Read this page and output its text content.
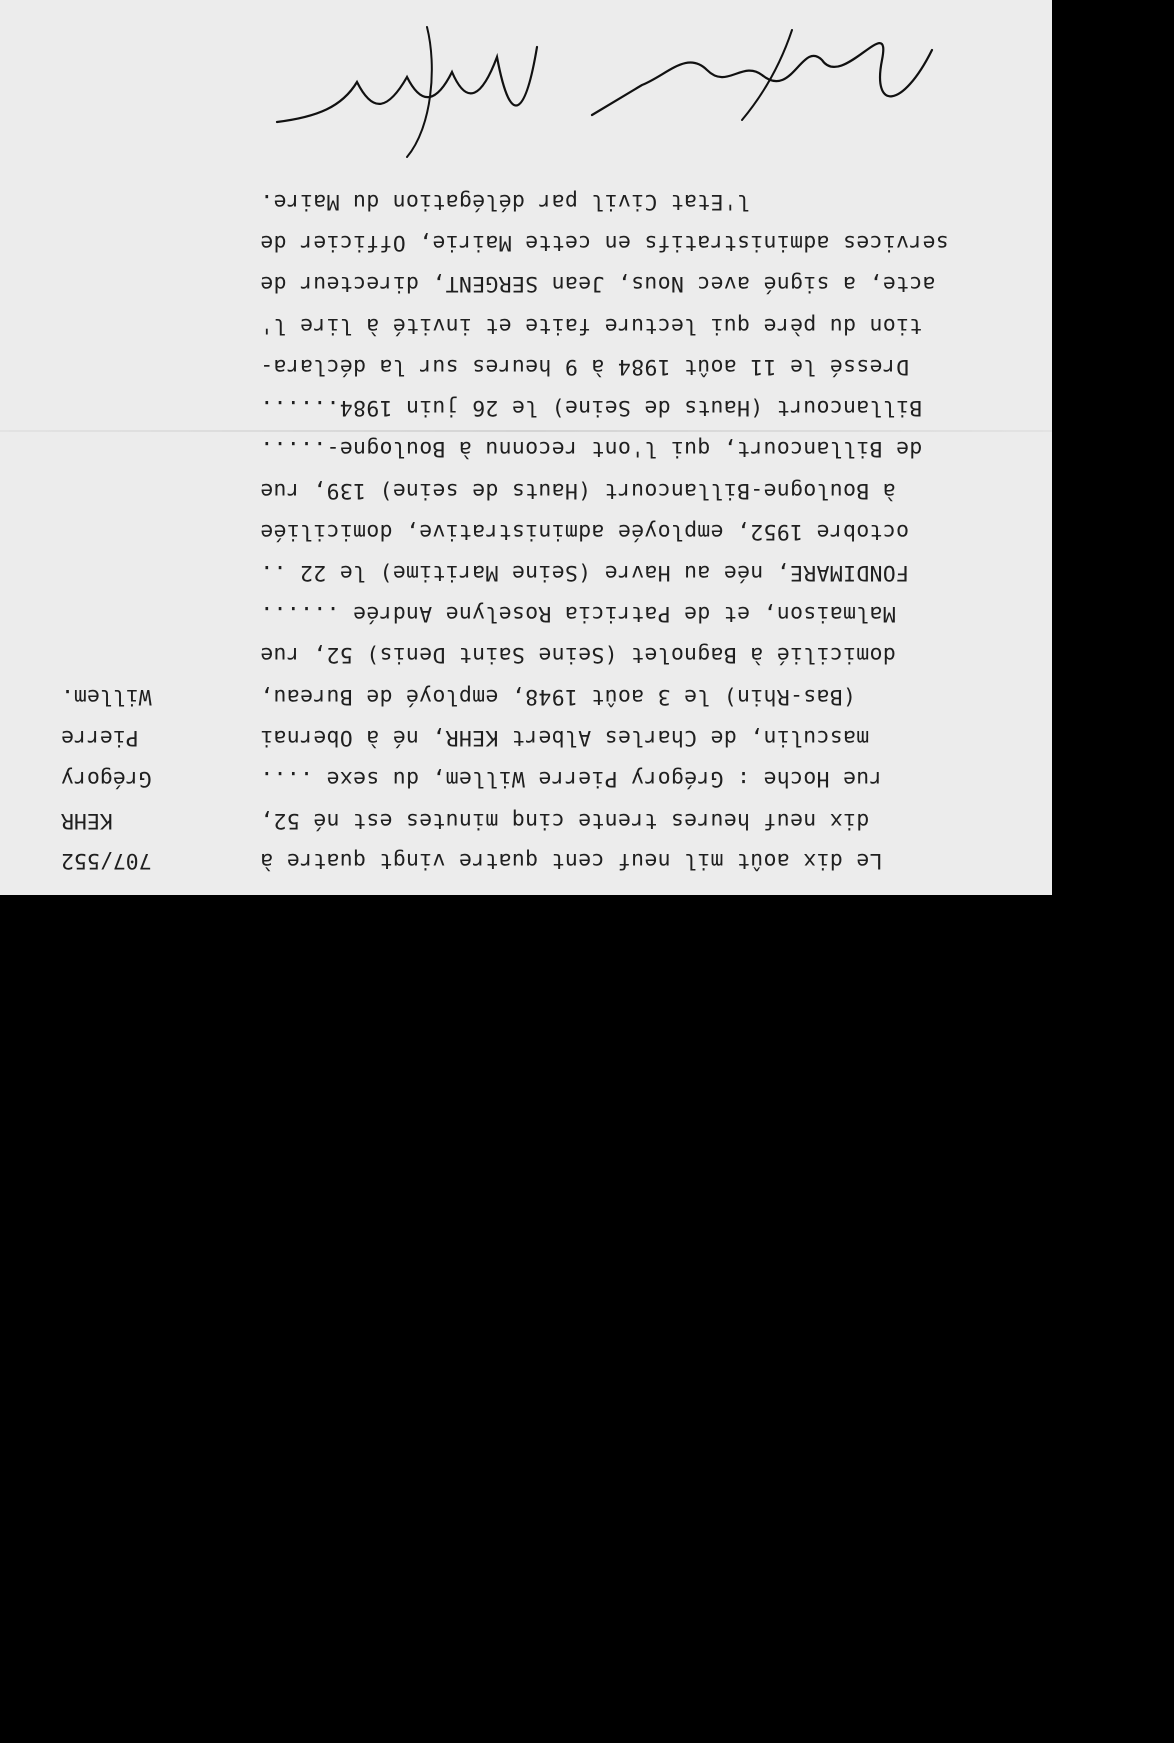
707/552
KEHR
Grégory
Pierre
Willem.
Le dix août mil neuf cent quatre vingt quatre à
dix neuf heures trente cinq minutes est né 52,
rue Hoche : Grégory Pierre Willem, du sexe ....
masculin, de Charles Albert KEHR, né à Obernai
(Bas-Rhin) le 3 août 1948, employé de Bureau,
domicilié à Bagnolet (Seine Saint Denis) 52, rue
Malmaison, et de Patricia Roselyne Andrée ......
FONDIMARE, née au Havre (Seine Maritime) le 22 ..
octobre 1952, employée administrative, domiciliée
à Boulogne-Billancourt (Hauts de seine) 139, rue
de Billancourt, qui l'ont reconnu à Boulogne-.....
Billancourt (Hauts de Seine) le 26 juin 1984......
Dressé le 11 août 1984 à 9 heures sur la déclara-
tion du père qui lecture faite et invité à lire l'
acte, a signé avec Nous, Jean SERGENT, directeur de
services administratifs en cette Mairie, Officier de
l'Etat Civil par délégation du Maire.
